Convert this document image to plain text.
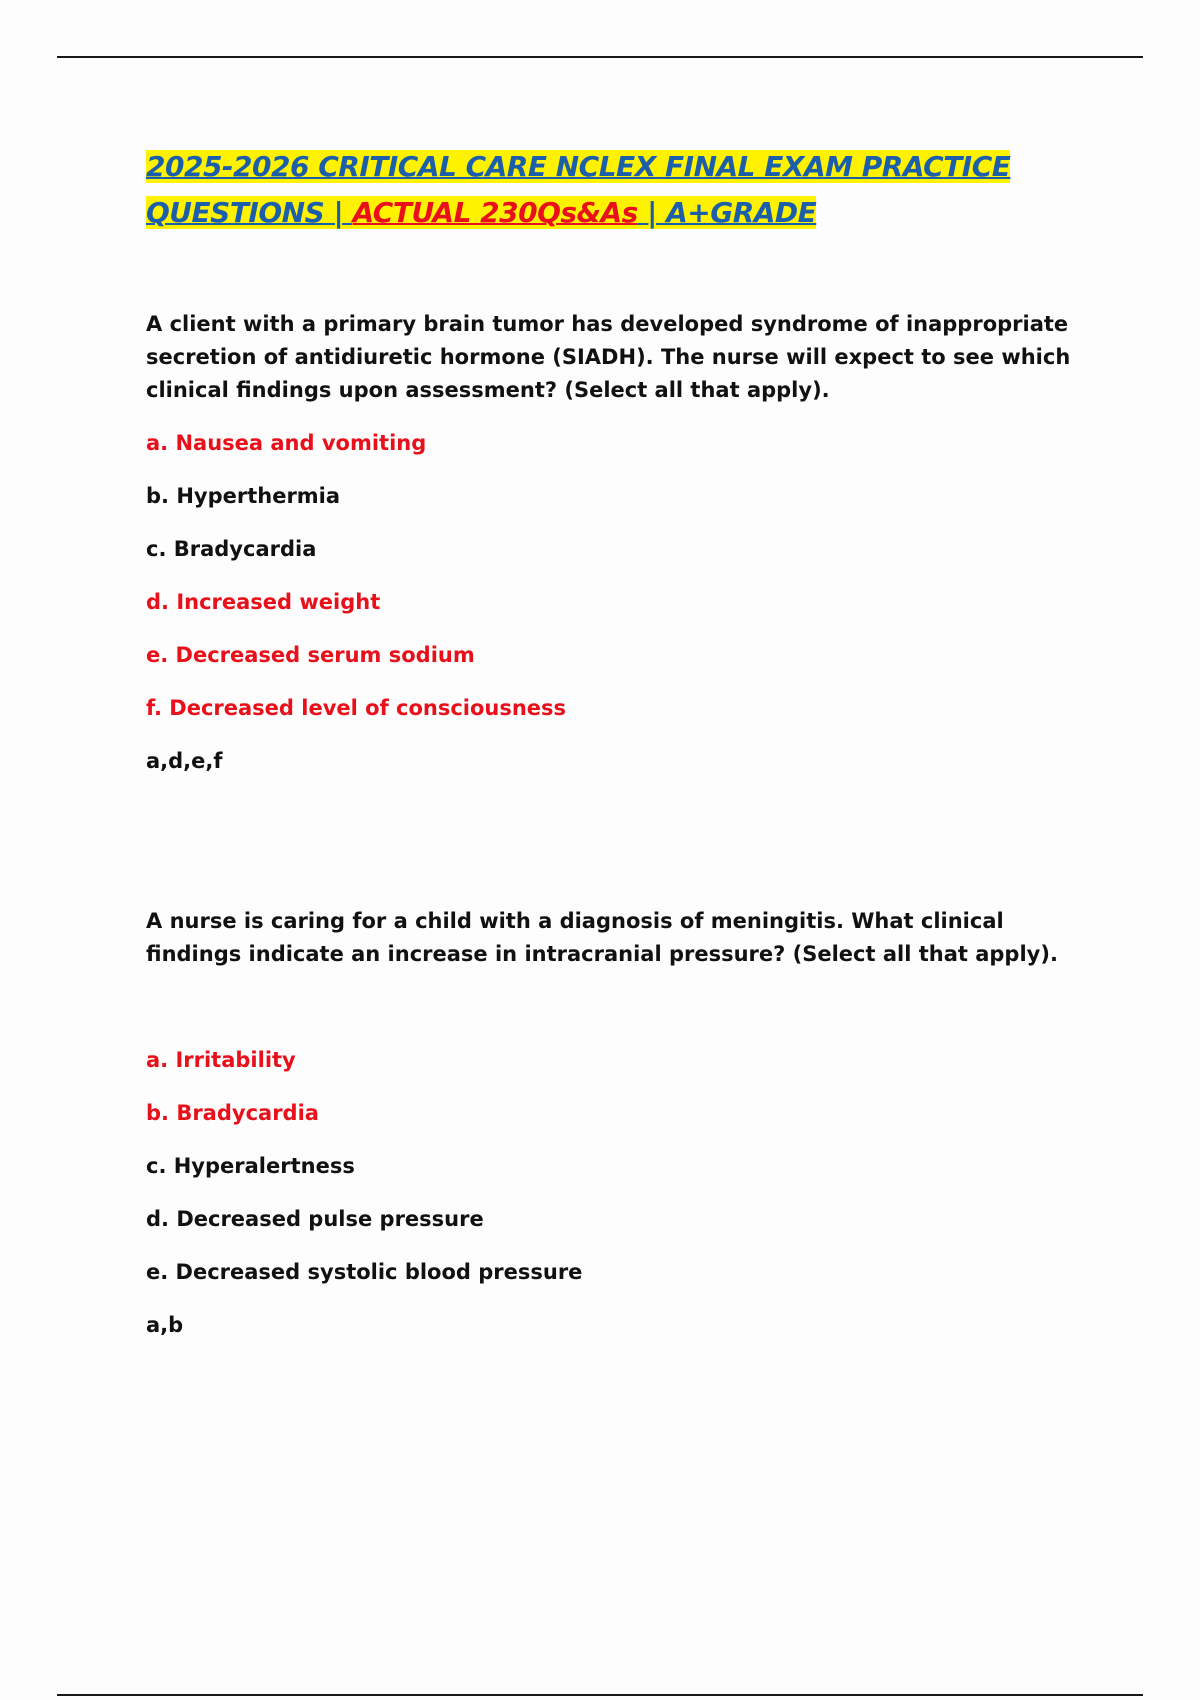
2025-2026 CRITICAL CARE NCLEX FINAL EXAM PRACTICE
QUESTIONS | ACTUAL 230Qs&As | A+GRADE
A client with a primary brain tumor has developed syndrome of inappropriate secretion of antidiuretic hormone (SIADH). The nurse will expect to see which clinical findings upon assessment? (Select all that apply).
a. Nausea and vomiting
b. Hyperthermia
c. Bradycardia
d. Increased weight
e. Decreased serum sodium
f. Decreased level of consciousness
a,d,e,f
A nurse is caring for a child with a diagnosis of meningitis. What clinical findings indicate an increase in intracranial pressure? (Select all that apply).
a. Irritability
b. Bradycardia
c. Hyperalertness
d. Decreased pulse pressure
e. Decreased systolic blood pressure
a,b
